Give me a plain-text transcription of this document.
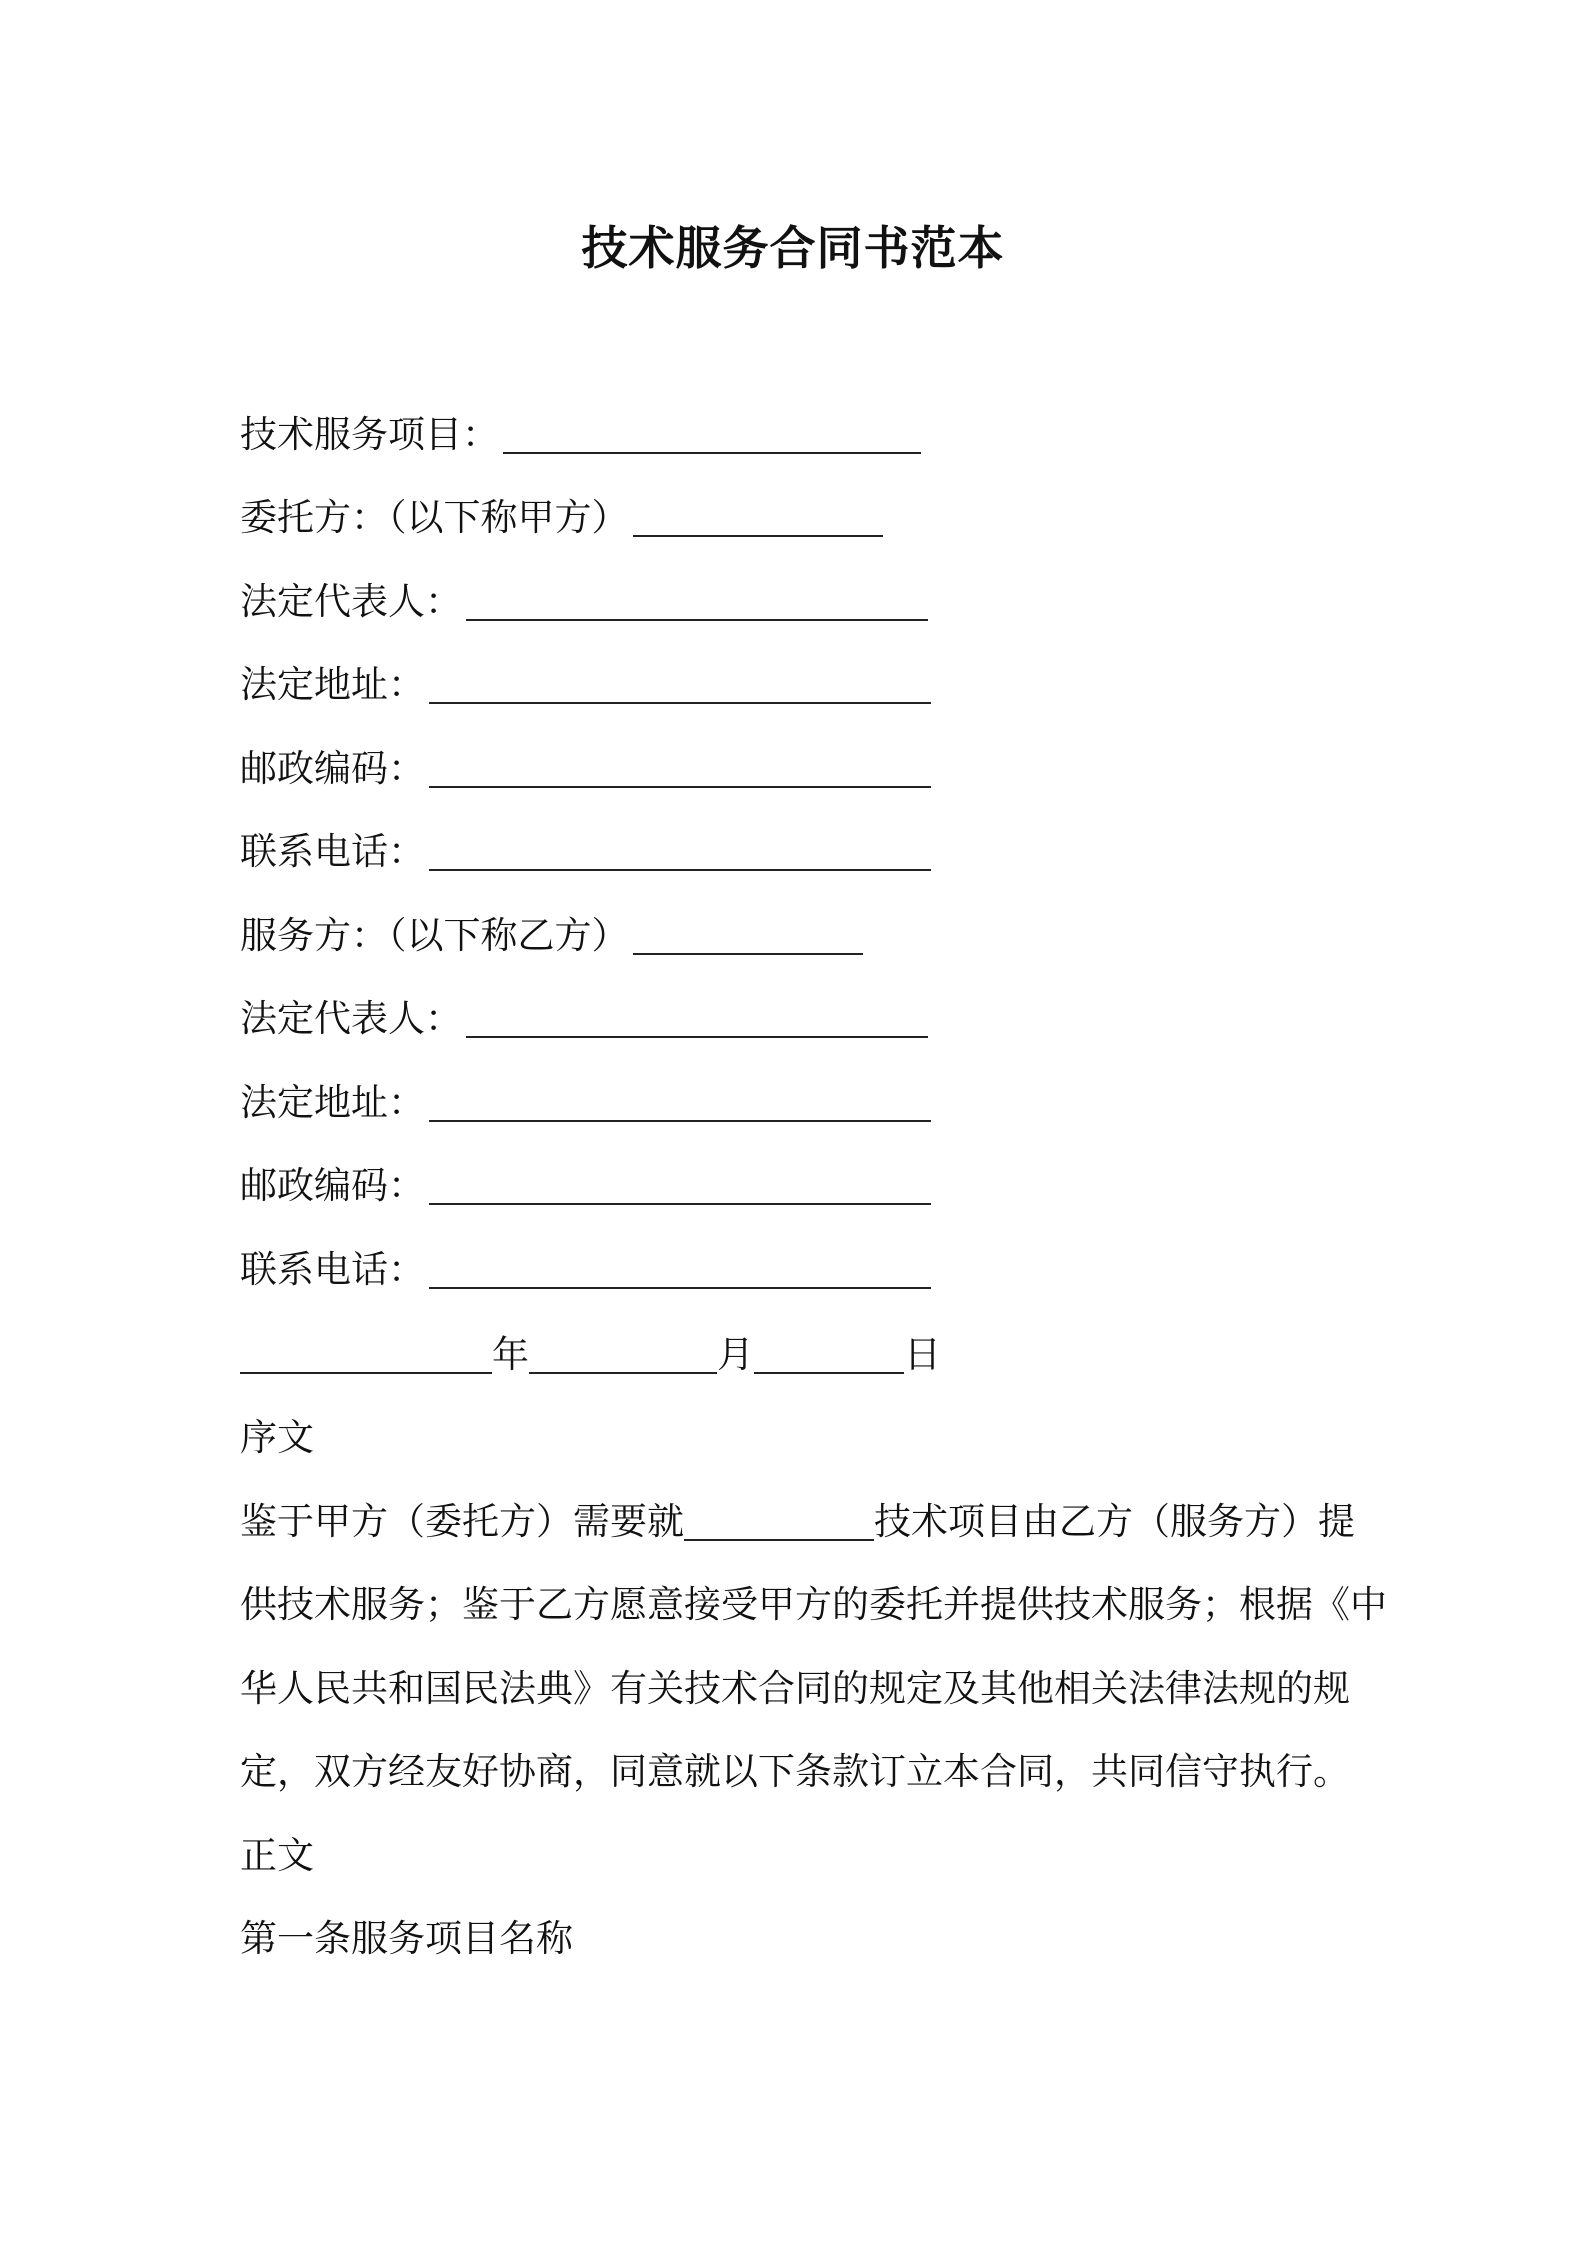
技术服务合同书范本
技术服务项目：
委托方：（以下称甲方）
法定代表人：
法定地址：
邮政编码：
联系电话：
服务方：（以下称乙方）
法定代表人：
法定地址：
邮政编码：
联系电话：
年	月	日
序文
鉴于甲方（委托方）需要就	技术项目由乙方（服务方）提
供技术服务；鉴于乙方愿意接受甲方的委托并提供技术服务；根据《中
华人民共和国民法典》有关技术合同的规定及其他相关法律法规的规
定，双方经友好协商，同意就以下条款订立本合同，共同信守执行。
正文
第一条服务项目名称
